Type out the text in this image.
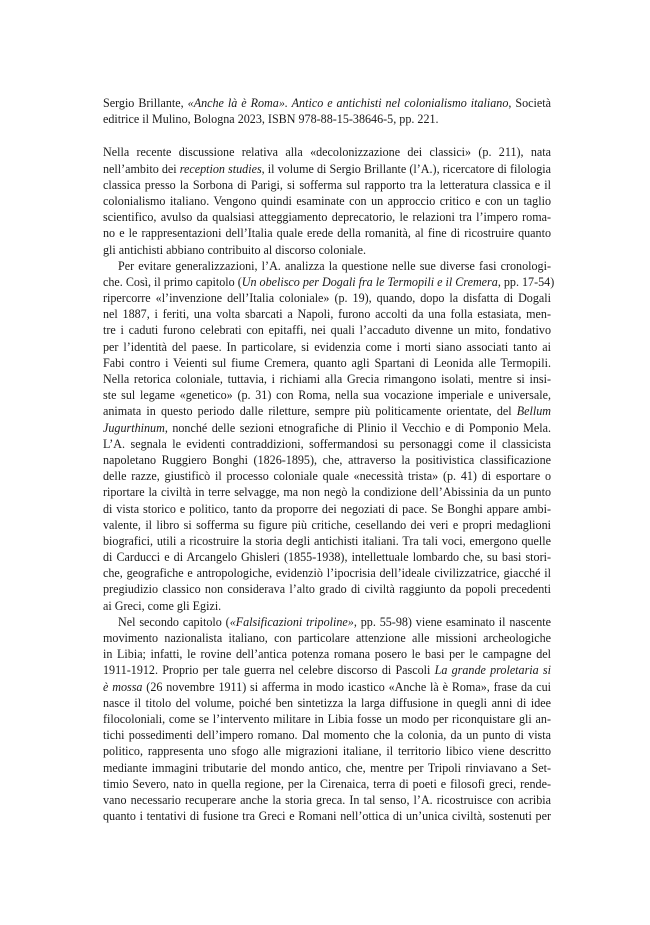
Sergio Brillante, «Anche là è Roma». Antico e antichisti nel colonialismo italiano, Società
editrice il Mulino, Bologna 2023, ISBN 978-88-15-38646-5, pp. 221.
Nella recente discussione relativa alla «decolonizzazione dei classici» (p. 211), nata
nell’ambito dei reception studies, il volume di Sergio Brillante (l’A.), ricercatore di filologia
classica presso la Sorbona di Parigi, si sofferma sul rapporto tra la letteratura classica e il
colonialismo italiano. Vengono quindi esaminate con un approccio critico e con un taglio
scientifico, avulso da qualsiasi atteggiamento deprecatorio, le relazioni tra l’impero roma-
no e le rappresentazioni dell’Italia quale erede della romanità, al fine di ricostruire quanto
gli antichisti abbiano contribuito al discorso coloniale.
Per evitare generalizzazioni, l’A. analizza la questione nelle sue diverse fasi cronologi-
che. Così, il primo capitolo (Un obelisco per Dogali fra le Termopili e il Cremera, pp. 17-54)
ripercorre «l’invenzione dell’Italia coloniale» (p. 19), quando, dopo la disfatta di Dogali
nel 1887, i feriti, una volta sbarcati a Napoli, furono accolti da una folla estasiata, men-
tre i caduti furono celebrati con epitaffi, nei quali l’accaduto divenne un mito, fondativo
per l’identità del paese. In particolare, si evidenzia come i morti siano associati tanto ai
Fabi contro i Veienti sul fiume Cremera, quanto agli Spartani di Leonida alle Termopili.
Nella retorica coloniale, tuttavia, i richiami alla Grecia rimangono isolati, mentre si insi-
ste sul legame «genetico» (p. 31) con Roma, nella sua vocazione imperiale e universale,
animata in questo periodo dalle riletture, sempre più politicamente orientate, del Bellum
Jugurthinum, nonché delle sezioni etnografiche di Plinio il Vecchio e di Pomponio Mela.
L’A. segnala le evidenti contraddizioni, soffermandosi su personaggi come il classicista
napoletano Ruggiero Bonghi (1826-1895), che, attraverso la positivistica classificazione
delle razze, giustificò il processo coloniale quale «necessità trista» (p. 41) di esportare o
riportare la civiltà in terre selvagge, ma non negò la condizione dell’Abissinia da un punto
di vista storico e politico, tanto da proporre dei negoziati di pace. Se Bonghi appare ambi-
valente, il libro si sofferma su figure più critiche, cesellando dei veri e propri medaglioni
biografici, utili a ricostruire la storia degli antichisti italiani. Tra tali voci, emergono quelle
di Carducci e di Arcangelo Ghisleri (1855-1938), intellettuale lombardo che, su basi stori-
che, geografiche e antropologiche, evidenziò l’ipocrisia dell’ideale civilizzatrice, giacché il
pregiudizio classico non considerava l’alto grado di civiltà raggiunto da popoli precedenti
ai Greci, come gli Egizi.
Nel secondo capitolo («Falsificazioni tripoline», pp. 55-98) viene esaminato il nascente
movimento nazionalista italiano, con particolare attenzione alle missioni archeologiche
in Libia; infatti, le rovine dell’antica potenza romana posero le basi per le campagne del
1911-1912. Proprio per tale guerra nel celebre discorso di Pascoli La grande proletaria si
è mossa (26 novembre 1911) si afferma in modo icastico «Anche là è Roma», frase da cui
nasce il titolo del volume, poiché ben sintetizza la larga diffusione in quegli anni di idee
filocoloniali, come se l’intervento militare in Libia fosse un modo per riconquistare gli an-
tichi possedimenti dell’impero romano. Dal momento che la colonia, da un punto di vista
politico, rappresenta uno sfogo alle migrazioni italiane, il territorio libico viene descritto
mediante immagini tributarie del mondo antico, che, mentre per Tripoli rinviavano a Set-
timio Severo, nato in quella regione, per la Cirenaica, terra di poeti e filosofi greci, rende-
vano necessario recuperare anche la storia greca. In tal senso, l’A. ricostruisce con acribia
quanto i tentativi di fusione tra Greci e Romani nell’ottica di un’unica civiltà, sostenuti per
